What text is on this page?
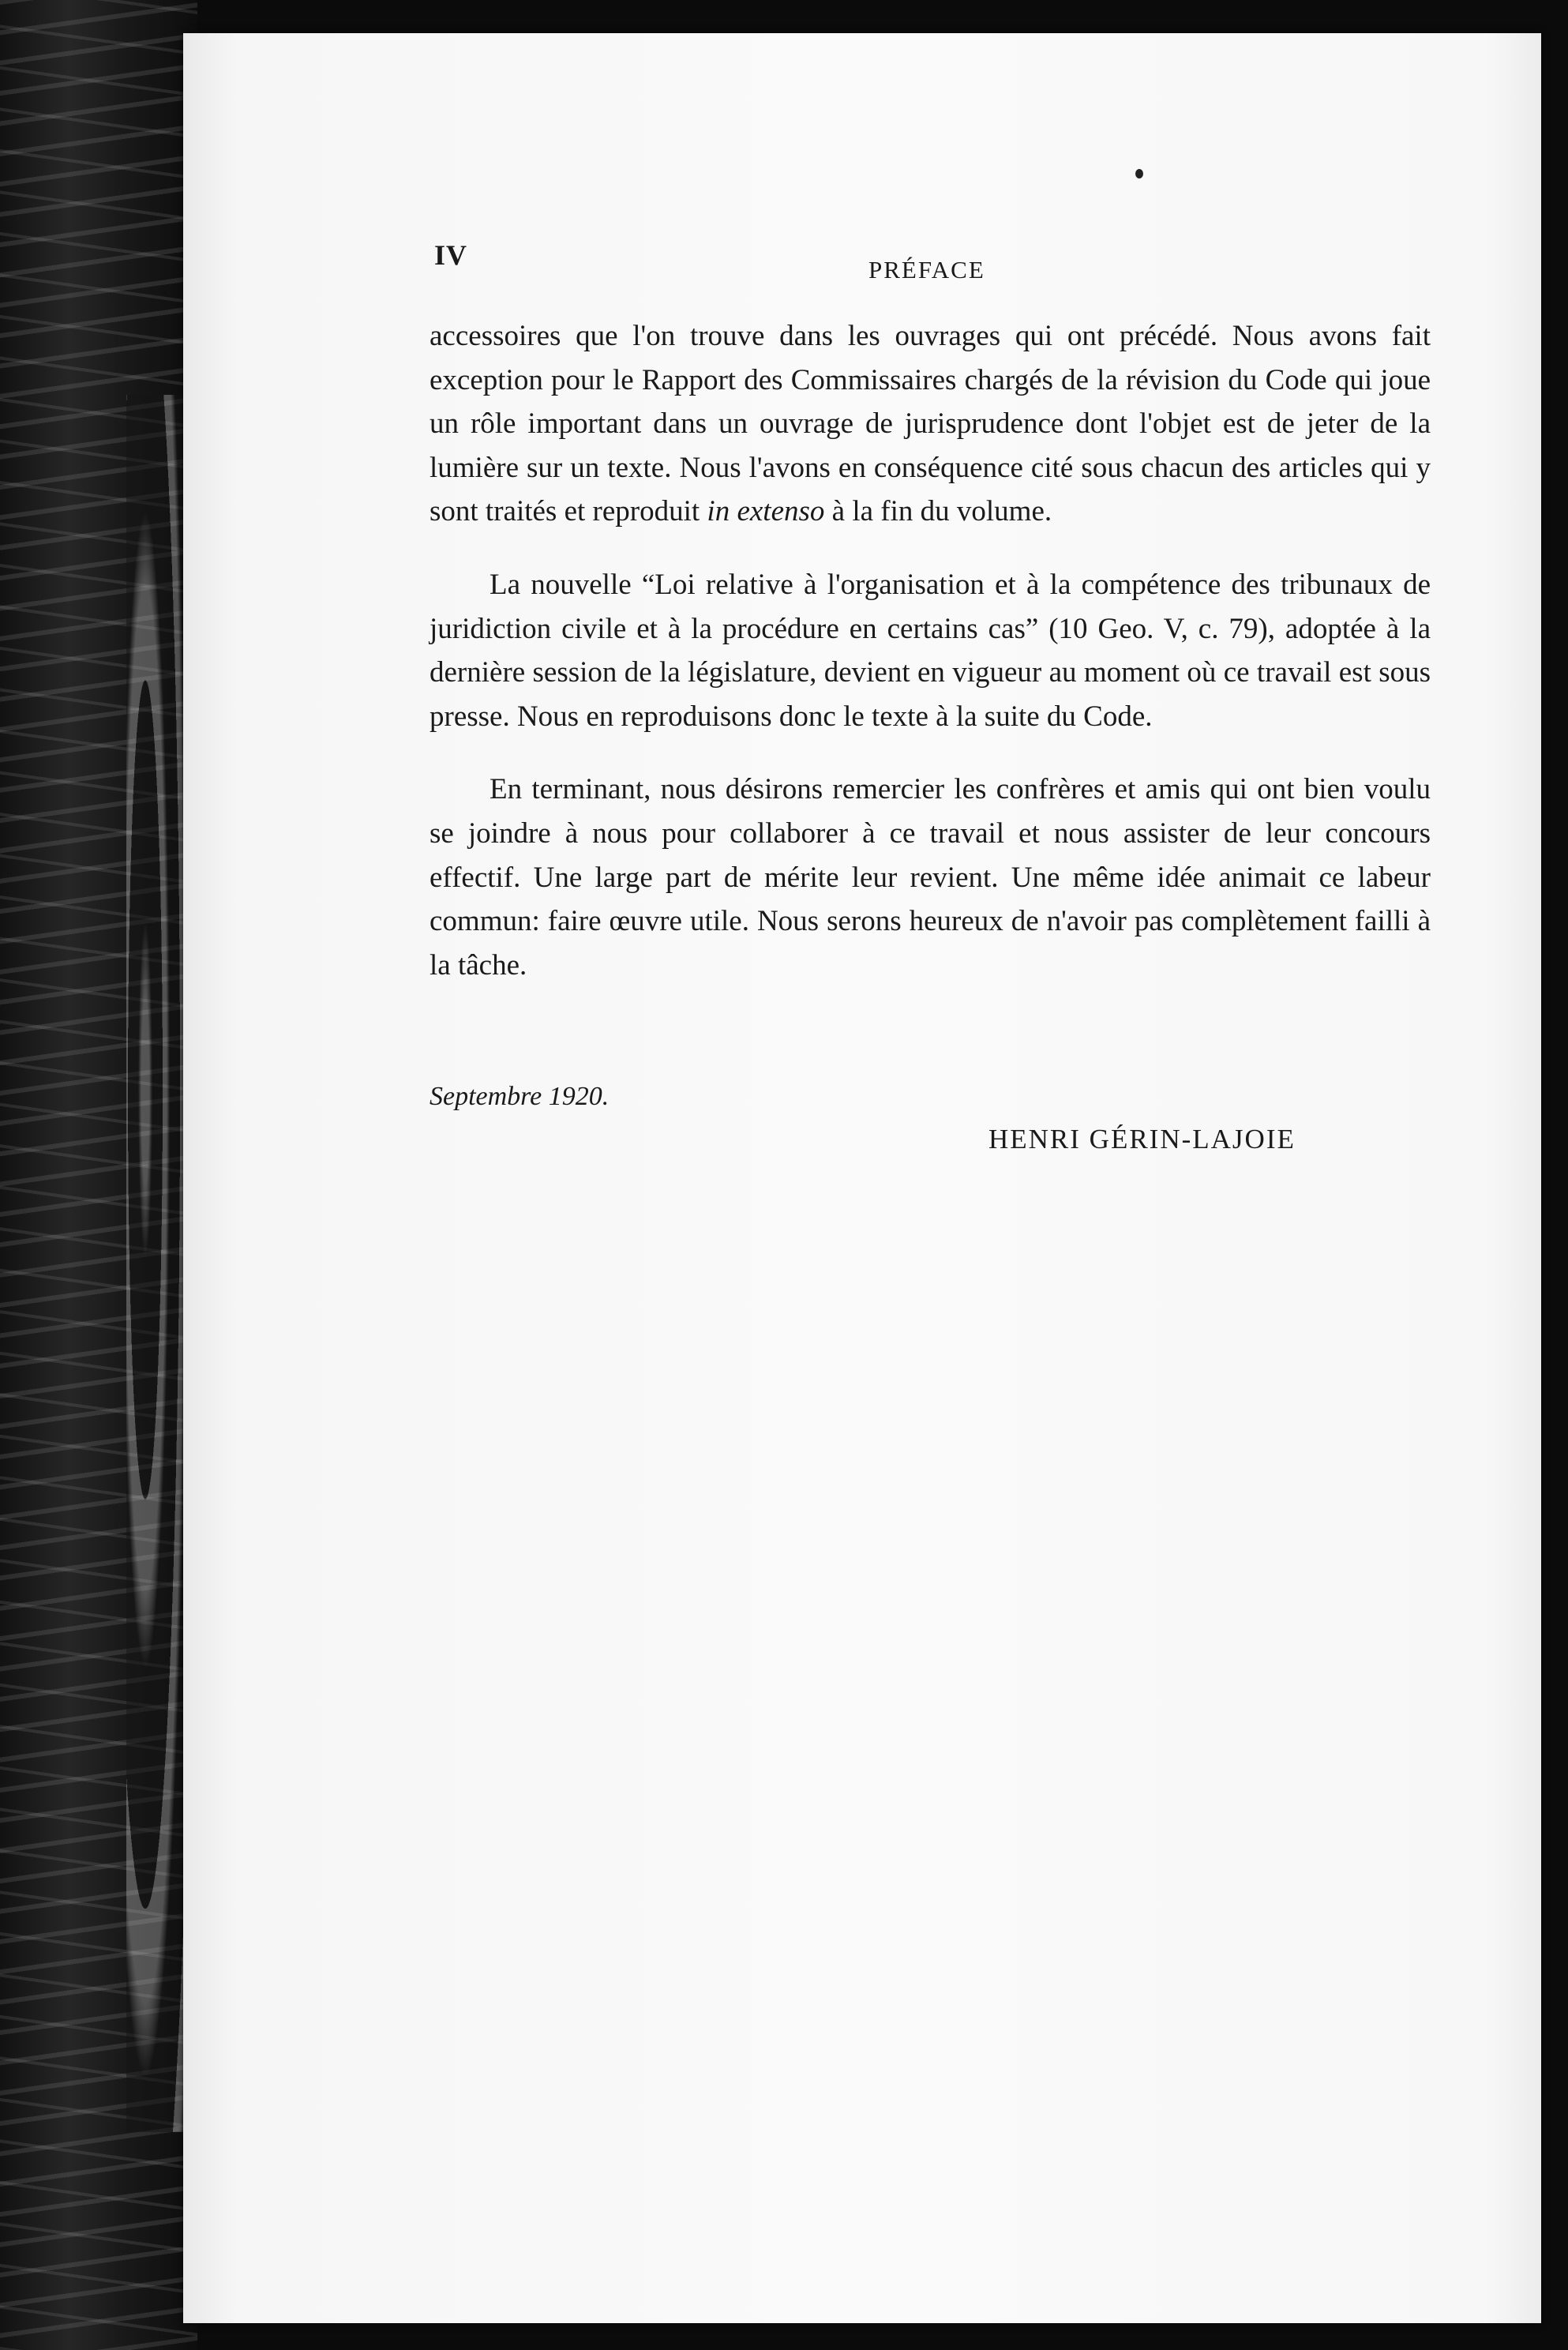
IV	PRÉFACE

accessoires que l'on trouve dans les ouvrages qui ont précédé. Nous avons fait exception pour le Rapport des Commissaires chargés de la révision du Code qui joue un rôle important dans un ouvrage de jurisprudence dont l'objet est de jeter de la lumière sur un texte. Nous l'avons en conséquence cité sous chacun des articles qui y sont traités et reproduit in extenso à la fin du volume.

La nouvelle “Loi relative à l'organisation et à la compétence des tribunaux de juridiction civile et à la procédure en certains cas” (10 Geo. V, c. 79), adoptée à la dernière session de la législature, devient en vigueur au moment où ce travail est sous presse. Nous en reproduisons donc le texte à la suite du Code.

En terminant, nous désirons remercier les confrères et amis qui ont bien voulu se joindre à nous pour collaborer à ce travail et nous assister de leur concours effectif. Une large part de mérite leur revient. Une même idée animait ce labeur commun: faire œuvre utile. Nous serons heureux de n'avoir pas complètement failli à la tâche.

Septembre 1920.
HENRI GÉRIN-LAJOIE
